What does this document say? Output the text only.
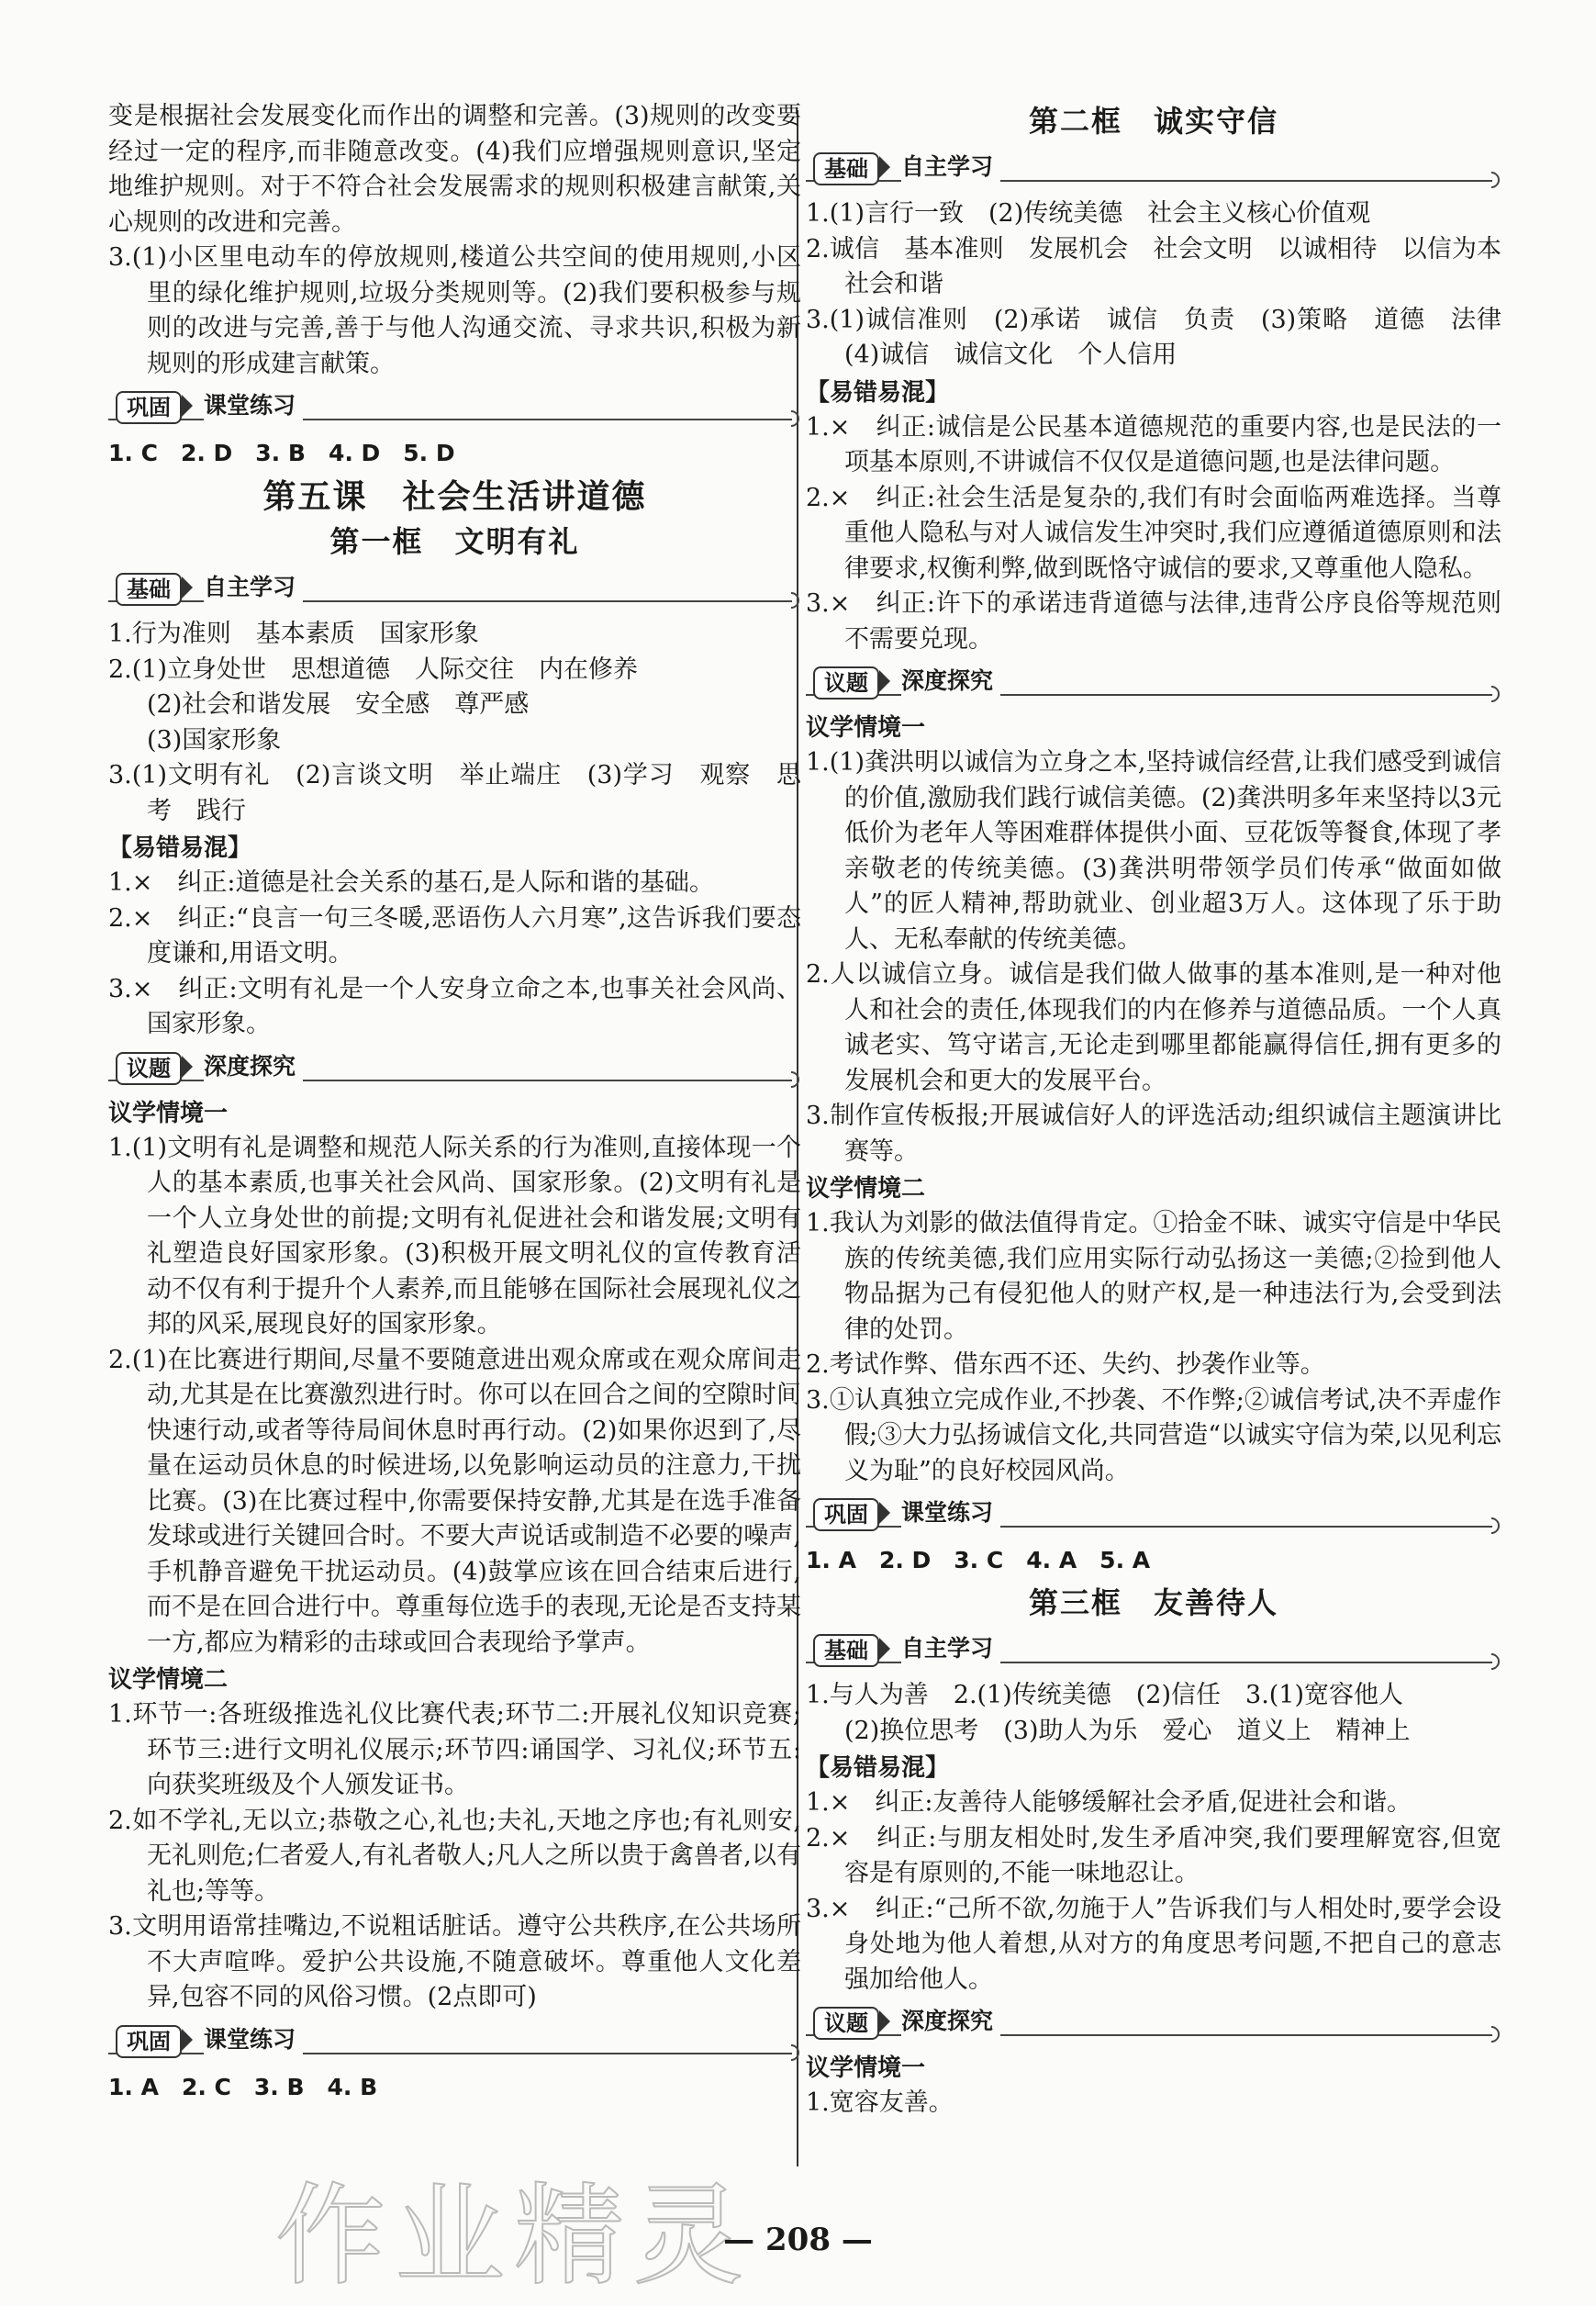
变是根据社会发展变化而作出的调整和完善。(3)规则的改变要经过一定的程序,而非随意改变。(4)我们应增强规则意识,坚定地维护规则。对于不符合社会发展需求的规则积极建言献策,关心规则的改进和完善。

3.(1)小区里电动车的停放规则,楼道公共空间的使用规则,小区里的绿化维护规则,垃圾分类规则等。(2)我们要积极参与规则的改进与完善,善于与他人沟通交流、寻求共识,积极为新规则的形成建言献策。

巩固	课堂练习

1. C　2. D　3. B　4. D　5. D

第五课　社会生活讲道德

第一框　文明有礼

基础	自主学习

1.行为准则　基本素质　国家形象

2.(1)立身处世　思想道德　人际交往　内在修养

(2)社会和谐发展　安全感　尊严感

(3)国家形象

3.(1)文明有礼　(2)言谈文明　举止端庄　(3)学习　观察　思考　践行

【易错易混】

1.×　纠正:道德是社会关系的基石,是人际和谐的基础。

2.×　纠正:“良言一句三冬暖,恶语伤人六月寒”,这告诉我们要态度谦和,用语文明。

3.×　纠正:文明有礼是一个人安身立命之本,也事关社会风尚、国家形象。

议题	深度探究

议学情境一

1.(1)文明有礼是调整和规范人际关系的行为准则,直接体现一个人的基本素质,也事关社会风尚、国家形象。(2)文明有礼是一个人立身处世的前提;文明有礼促进社会和谐发展;文明有礼塑造良好国家形象。(3)积极开展文明礼仪的宣传教育活动不仅有利于提升个人素养,而且能够在国际社会展现礼仪之邦的风采,展现良好的国家形象。

2.(1)在比赛进行期间,尽量不要随意进出观众席或在观众席间走动,尤其是在比赛激烈进行时。你可以在回合之间的空隙时间快速行动,或者等待局间休息时再行动。(2)如果你迟到了,尽量在运动员休息的时候进场,以免影响运动员的注意力,干扰比赛。(3)在比赛过程中,你需要保持安静,尤其是在选手准备发球或进行关键回合时。不要大声说话或制造不必要的噪声,手机静音避免干扰运动员。(4)鼓掌应该在回合结束后进行,而不是在回合进行中。尊重每位选手的表现,无论是否支持某一方,都应为精彩的击球或回合表现给予掌声。

议学情境二

1.环节一:各班级推选礼仪比赛代表;环节二:开展礼仪知识竞赛;环节三:进行文明礼仪展示;环节四:诵国学、习礼仪;环节五:向获奖班级及个人颁发证书。

2.如不学礼,无以立;恭敬之心,礼也;夫礼,天地之序也;有礼则安,无礼则危;仁者爱人,有礼者敬人;凡人之所以贵于禽兽者,以有礼也;等等。

3.文明用语常挂嘴边,不说粗话脏话。遵守公共秩序,在公共场所不大声喧哗。爱护公共设施,不随意破坏。尊重他人文化差异,包容不同的风俗习惯。(2点即可)

巩固	课堂练习

1. A　2. C　3. B　4. B

第二框　诚实守信

基础	自主学习

1.(1)言行一致　(2)传统美德　社会主义核心价值观

2.诚信　基本准则　发展机会　社会文明　以诚相待　以信为本　社会和谐

3.(1)诚信准则　(2)承诺　诚信　负责　(3)策略　道德　法律　(4)诚信　诚信文化　个人信用

【易错易混】

1.×　纠正:诚信是公民基本道德规范的重要内容,也是民法的一项基本原则,不讲诚信不仅仅是道德问题,也是法律问题。

2.×　纠正:社会生活是复杂的,我们有时会面临两难选择。当尊重他人隐私与对人诚信发生冲突时,我们应遵循道德原则和法律要求,权衡利弊,做到既恪守诚信的要求,又尊重他人隐私。

3.×　纠正:许下的承诺违背道德与法律,违背公序良俗等规范则不需要兑现。

议题	深度探究

议学情境一

1.(1)龚洪明以诚信为立身之本,坚持诚信经营,让我们感受到诚信的价值,激励我们践行诚信美德。(2)龚洪明多年来坚持以3元低价为老年人等困难群体提供小面、豆花饭等餐食,体现了孝亲敬老的传统美德。(3)龚洪明带领学员们传承“做面如做人”的匠人精神,帮助就业、创业超3万人。这体现了乐于助人、无私奉献的传统美德。

2.人以诚信立身。诚信是我们做人做事的基本准则,是一种对他人和社会的责任,体现我们的内在修养与道德品质。一个人真诚老实、笃守诺言,无论走到哪里都能赢得信任,拥有更多的发展机会和更大的发展平台。

3.制作宣传板报;开展诚信好人的评选活动;组织诚信主题演讲比赛等。

议学情境二

1.我认为刘影的做法值得肯定。①拾金不昧、诚实守信是中华民族的传统美德,我们应用实际行动弘扬这一美德;②捡到他人物品据为己有侵犯他人的财产权,是一种违法行为,会受到法律的处罚。

2.考试作弊、借东西不还、失约、抄袭作业等。

3.①认真独立完成作业,不抄袭、不作弊;②诚信考试,决不弄虚作假;③大力弘扬诚信文化,共同营造“以诚实守信为荣,以见利忘义为耻”的良好校园风尚。

巩固	课堂练习

1. A　2. D　3. C　4. A　5. A

第三框　友善待人

基础	自主学习

1.与人为善　2.(1)传统美德　(2)信任　3.(1)宽容他人

(2)换位思考　(3)助人为乐　爱心　道义上　精神上

【易错易混】

1.×　纠正:友善待人能够缓解社会矛盾,促进社会和谐。

2.×　纠正:与朋友相处时,发生矛盾冲突,我们要理解宽容,但宽容是有原则的,不能一味地忍让。

3.×　纠正:“己所不欲,勿施于人”告诉我们与人相处时,要学会设身处地为他人着想,从对方的角度思考问题,不把自己的意志强加给他人。

议题	深度探究

议学情境一

1.宽容友善。

作业精灵
— 208 —
